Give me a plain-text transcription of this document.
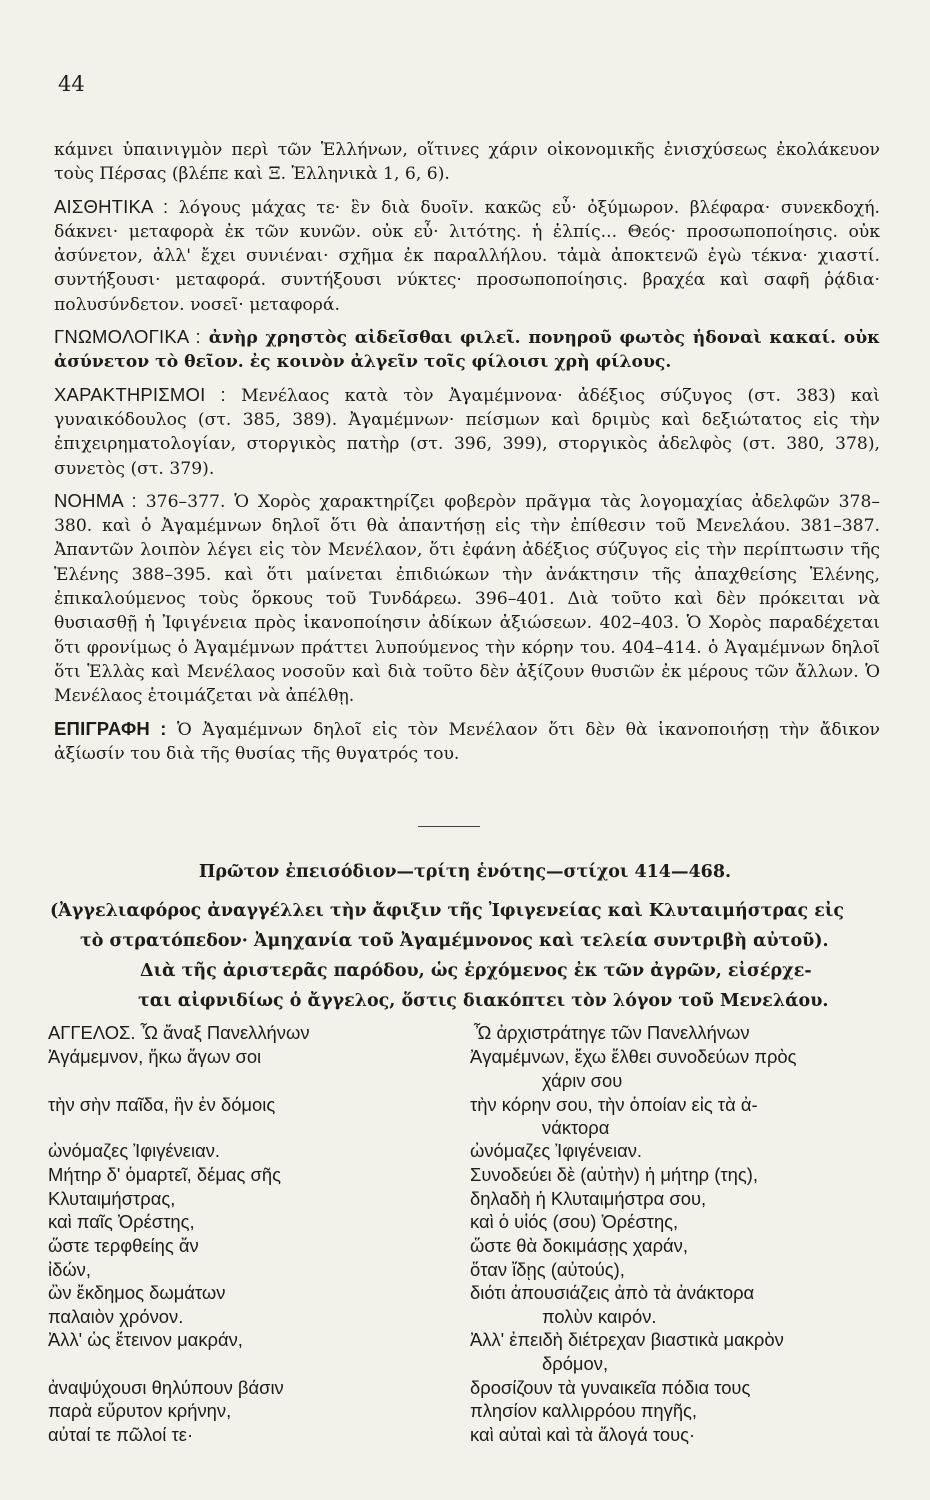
44

κάμνει ὑπαινιγμὸν περὶ τῶν Ἑλλήνων, οἵτινες χάριν οἰκονομικῆς ἐνισχύσεως ἐκολάκευον τοὺς Πέρσας (βλέπε καὶ Ξ. Ἑλληνικὰ 1, 6, 6).

ΑΙΣΘΗΤΙΚΑ : λόγους μάχας τε· ἓν διὰ δυοῖν. κακῶς εὖ· ὀξύμωρον. βλέφαρα· συνεκδοχή. δάκνει· μεταφορὰ ἐκ τῶν κυνῶν. οὐκ εὖ· λιτότης. ἡ ἐλπίς... Θεός· προσωποποίησις. οὐκ ἀσύνετον, ἀλλ' ἔχει συνιέναι· σχῆμα ἐκ παραλλήλου. τἀμὰ ἀποκτενῶ ἐγὼ τέκνα· χιαστί. συντήξουσι· μεταφορά. συντήξουσι νύκτες· προσωποποίησις. βραχέα καὶ σαφῆ ῥᾴδια· πολυσύνδετον. νοσεῖ· μεταφορά.

ΓΝΩΜΟΛΟΓΙΚΑ : ἀνὴρ χρηστὸς αἰδεῖσθαι φιλεῖ. πονηροῦ φωτὸς ἡδοναὶ κακαί. οὐκ ἀσύνετον τὸ θεῖον. ἐς κοινὸν ἀλγεῖν τοῖς φίλοισι χρὴ φίλους.

ΧΑΡΑΚΤΗΡΙΣΜΟΙ : Μενέλαος κατὰ τὸν Ἀγαμέμνονα· ἀδέξιος σύζυγος (στ. 383) καὶ γυναικόδουλος (στ. 385, 389). Ἀγαμέμνων· πείσμων καὶ δριμὺς καὶ δεξιώτατος εἰς τὴν ἐπιχειρηματολογίαν, στοργικὸς πατὴρ (στ. 396, 399), στοργικὸς ἀδελφὸς (στ. 380, 378), συνετὸς (στ. 379).

ΝΟΗΜΑ : 376–377. Ὁ Χορὸς χαρακτηρίζει φοβερὸν πρᾶγμα τὰς λογομαχίας ἀδελφῶν 378–380. καὶ ὁ Ἀγαμέμνων δηλοῖ ὅτι θὰ ἀπαντήσῃ εἰς τὴν ἐπίθεσιν τοῦ Μενελάου. 381–387. Ἀπαντῶν λοιπὸν λέγει εἰς τὸν Μενέλαον, ὅτι ἐφάνη ἀδέξιος σύζυγος εἰς τὴν περίπτωσιν τῆς Ἑλένης 388–395. καὶ ὅτι μαίνεται ἐπιδιώκων τὴν ἀνάκτησιν τῆς ἀπαχθείσης Ἑλένης, ἐπικαλούμενος τοὺς ὅρκους τοῦ Τυνδάρεω. 396–401. Διὰ τοῦτο καὶ δὲν πρόκειται νὰ θυσιασθῇ ἡ Ἰφιγένεια πρὸς ἱκανοποίησιν ἀδίκων ἀξιώσεων. 402–403. Ὁ Χορὸς παραδέχεται ὅτι φρονίμως ὁ Ἀγαμέμνων πράττει λυπούμενος τὴν κόρην του. 404–414. ὁ Ἀγαμέμνων δηλοῖ ὅτι Ἑλλὰς καὶ Μενέλαος νοσοῦν καὶ διὰ τοῦτο δὲν ἀξίζουν θυσιῶν ἐκ μέρους τῶν ἄλλων. Ὁ Μενέλαος ἑτοιμάζεται νὰ ἀπέλθῃ.

ΕΠΙΓΡΑΦΗ : Ὁ Ἀγαμέμνων δηλοῖ εἰς τὸν Μενέλαον ὅτι δὲν θὰ ἱκανοποιήσῃ τὴν ἄδικον ἀξίωσίν του διὰ τῆς θυσίας τῆς θυγατρός του.

Πρῶτον ἐπεισόδιον—τρίτη ἑνότης—στίχοι 414—468.

(Ἀγγελιαφόρος ἀναγγέλλει τὴν ἄφιξιν τῆς Ἰφιγενείας καὶ Κλυταιμήστρας εἰς

τὸ στρατόπεδον· Ἀμηχανία τοῦ Ἀγαμέμνονος καὶ τελεία συντριβὴ αὐτοῦ).

Διὰ τῆς ἀριστερᾶς παρόδου, ὡς ἐρχόμενος ἐκ τῶν ἀγρῶν, εἰσέρχε-

ται αἰφνιδίως ὁ ἄγγελος, ὅστις διακόπτει τὸν λόγον τοῦ Μενελάου.

ΑΓΓΕΛΟΣ. Ὦ ἄναξ Πανελλήνων
Ἀγάμεμνον, ἥκω ἄγων σοι
τὴν σὴν παῖδα, ἣν ἐν δόμοις
ὠνόμαζες Ἰφιγένειαν.
Μήτηρ δ' ὁμαρτεῖ, δέμας σῆς
Κλυταιμήστρας,
καὶ παῖς Ὀρέστης,
ὥστε τερφθείης ἄν
ἰδών,
ὢν ἔκδημος δωμάτων
παλαιὸν χρόνον.
Ἀλλ' ὡς ἔτεινον μακράν,
ἀναψύχουσι θηλύπουν βάσιν
παρὰ εὔρυτον κρήνην,
αὐταί τε πῶλοί τε·
Ὦ ἀρχιστράτηγε τῶν Πανελλήνων
Ἀγαμέμνων, ἔχω ἔλθει συνοδεύων πρὸς
χάριν σου
τὴν κόρην σου, τὴν ὁποίαν εἰς τὰ ἀ-
νάκτορα
ὠνόμαζες Ἰφιγένειαν.
Συνοδεύει δὲ (αὐτὴν) ἡ μήτηρ (της),
δηλαδὴ ἡ Κλυταιμήστρα σου,
καὶ ὁ υἱός (σου) Ὀρέστης,
ὥστε θὰ δοκιμάσῃς χαράν,
ὅταν ἴδῃς (αὐτούς),
διότι ἀπουσιάζεις ἀπὸ τὰ ἀνάκτορα
πολὺν καιρόν.
Ἀλλ' ἐπειδὴ διέτρεχαν βιαστικὰ μακρὸν
δρόμον,
δροσίζουν τὰ γυναικεῖα πόδια τους
πλησίον καλλιρρόου πηγῆς,
καὶ αὐταὶ καὶ τὰ ἄλογά τους·
